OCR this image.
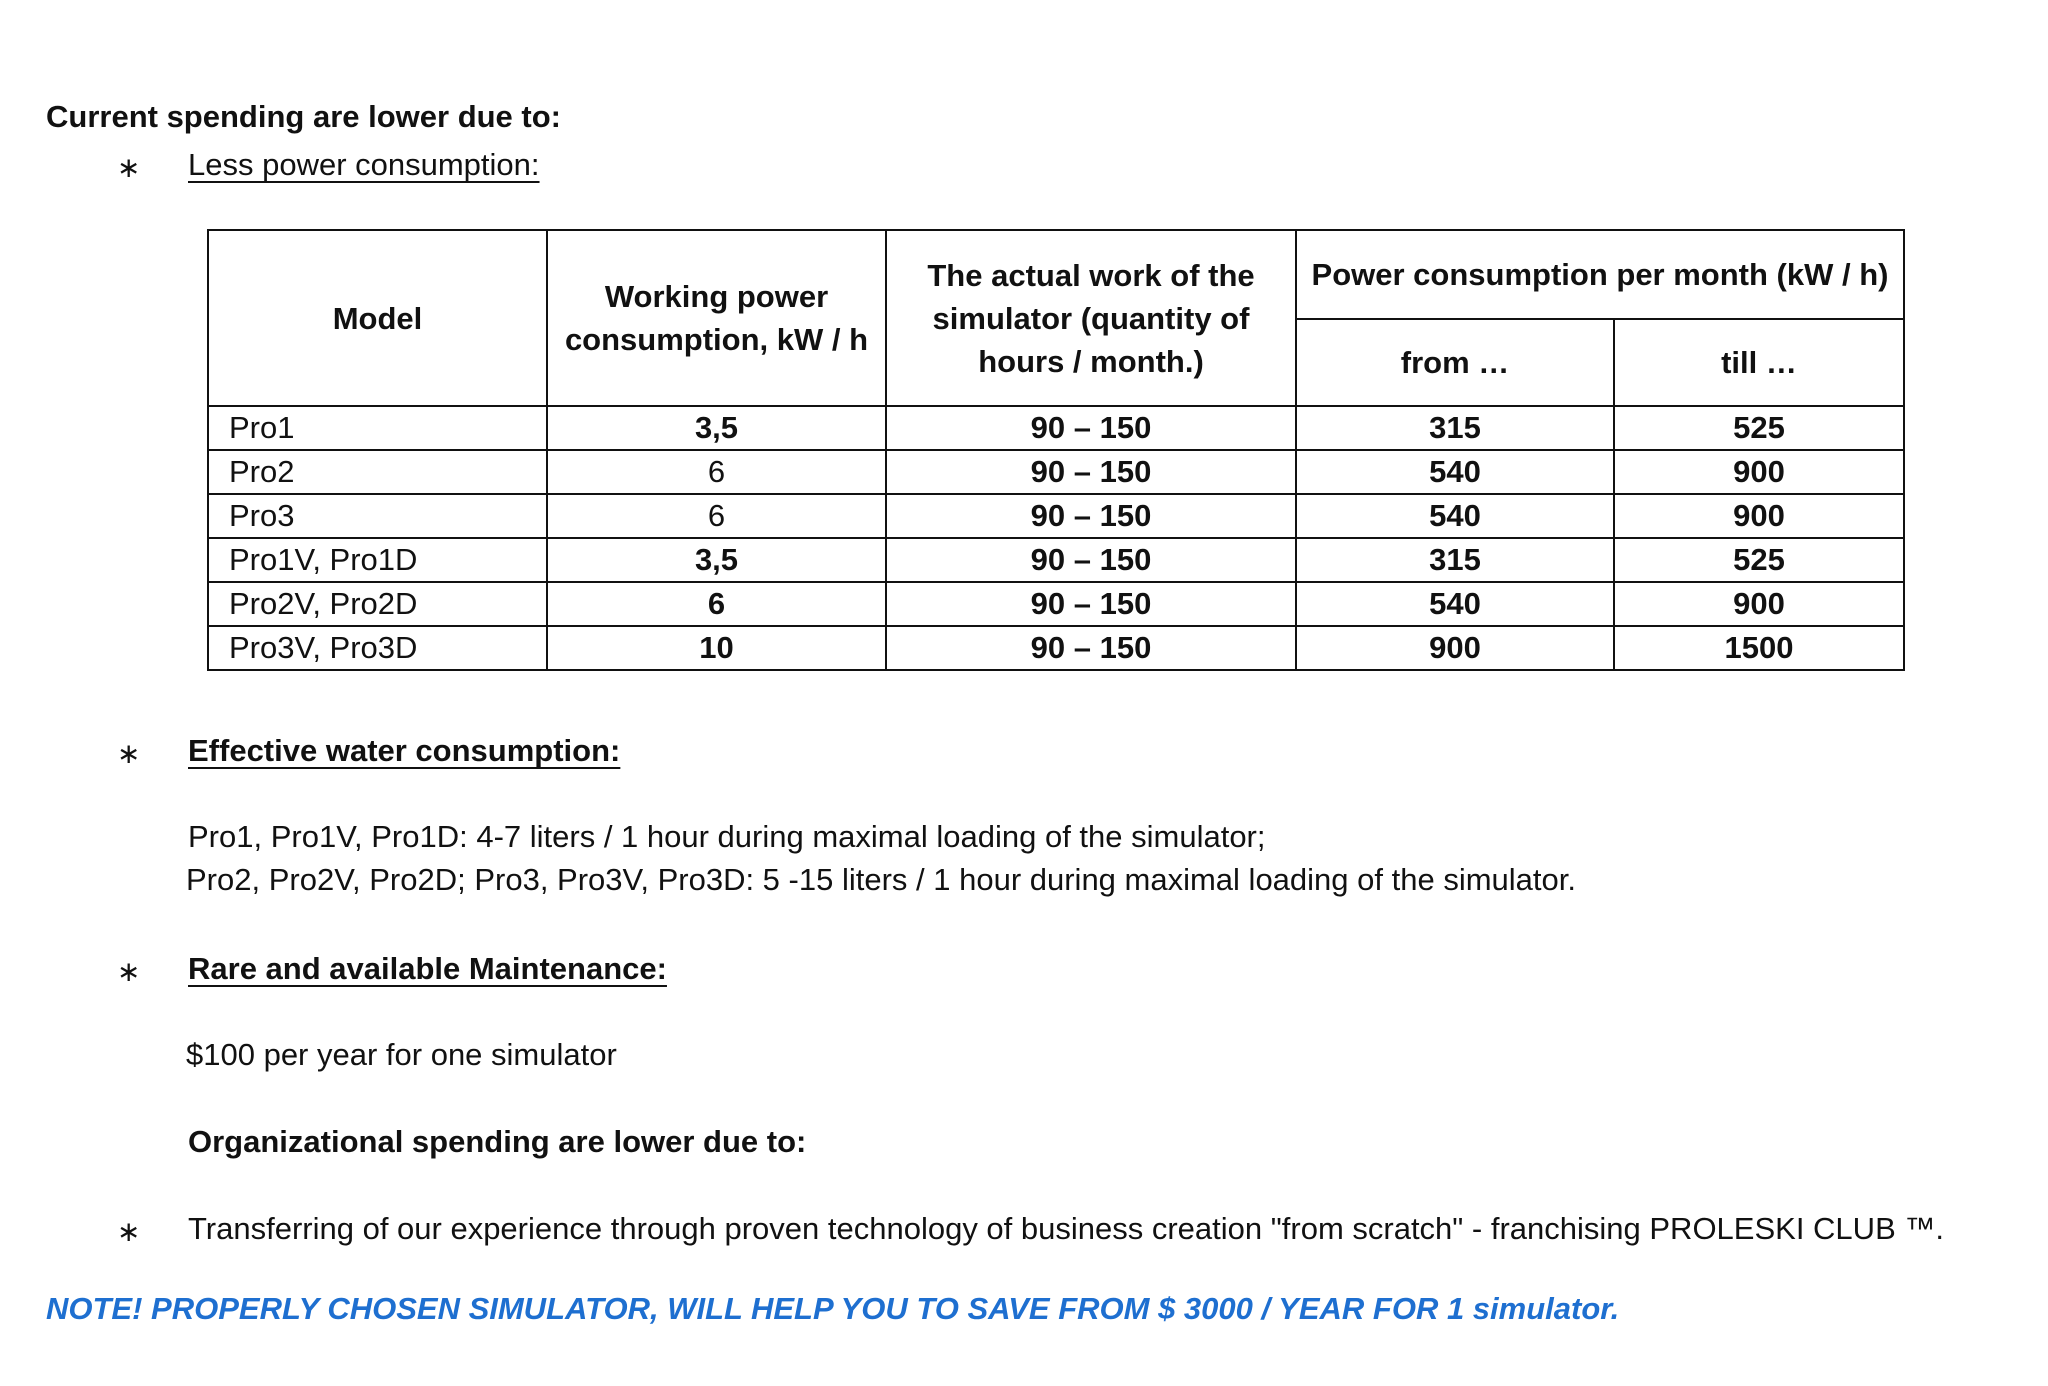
Current spending are lower due to:
∗ Less power consumption:
Model	Working power consumption, kW / h	The actual work of the simulator (quantity of hours / month.)	Power consumption per month (kW / h)	
			from …	till …
Pro1	3,5	90 – 150	315	525
Pro2	6	90 – 150	540	900
Pro3	6	90 – 150	540	900
Pro1V, Pro1D	3,5	90 – 150	315	525
Pro2V, Pro2D	6	90 – 150	540	900
Pro3V, Pro3D	10	90 – 150	900	1500
∗ Effective water consumption:
Pro1, Pro1V, Pro1D: 4-7 liters / 1 hour during maximal loading of the simulator;
Pro2, Pro2V, Pro2D; Pro3, Pro3V, Pro3D: 5 -15 liters / 1 hour during maximal loading of the simulator.
∗ Rare and available Maintenance:
$100 per year for one simulator
Organizational spending are lower due to:
∗ Transferring of our experience through proven technology of business creation "from scratch" - franchising PROLESKI CLUB ™.
NOTE! PROPERLY CHOSEN SIMULATOR, WILL HELP YOU TO SAVE FROM $ 3000 / YEAR FOR 1 simulator.
